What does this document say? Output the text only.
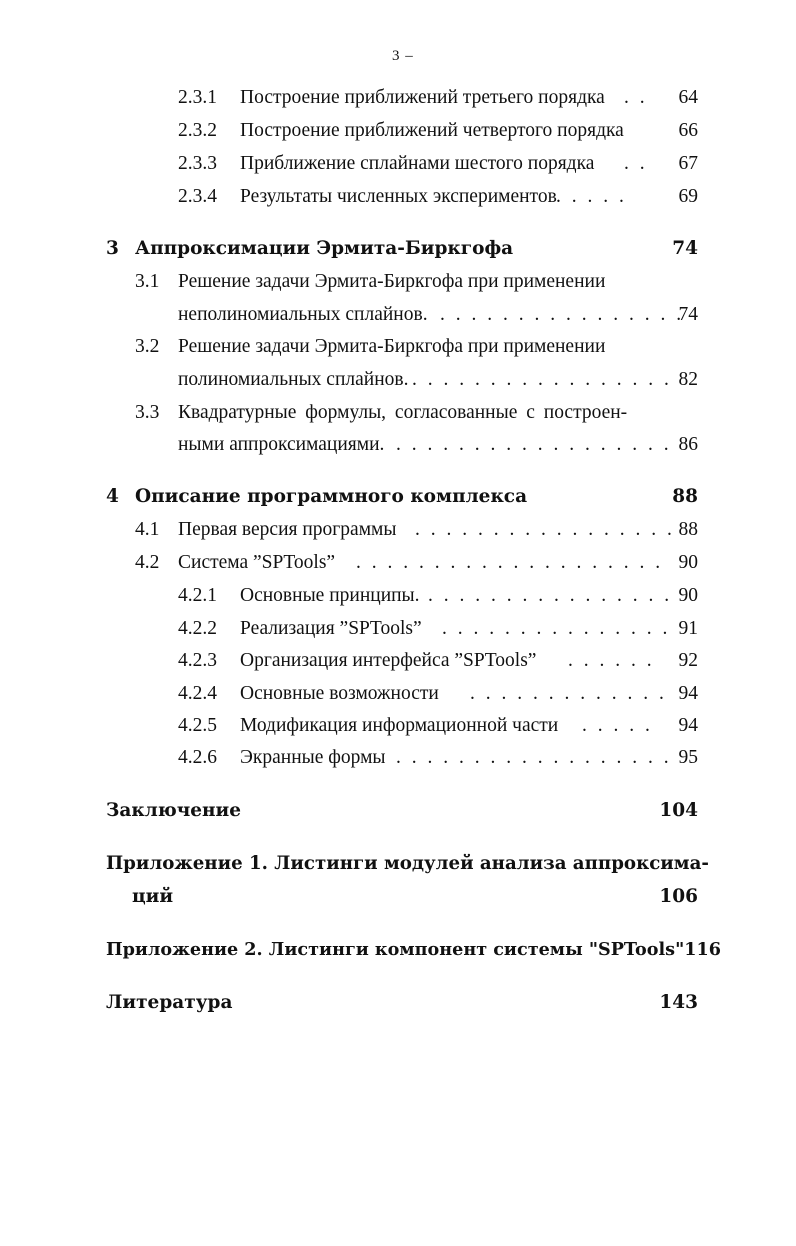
3 –
2.3.1 Построение приближений третьего порядка . .	64
2.3.2 Построение приближений четвертого порядка	66
2.3.3 Приближение сплайнами шестого порядка . .	67
2.3.4 Результаты численных экспериментов . . . . .	69
3 Аппроксимации Эрмита-Биркгофа	74
3.1 Решение задачи Эрмита-Биркгофа при применении
неполиномиальных сплайнов. . . . . . . . . . . . . . . . .
74
3.2 Решение задачи Эрмита-Биркгофа при применении
полиномиальных сплайнов. . . . . . . . . . . . . . . . . . 82
3.3 Квадратурные формулы, согласованные с построен-
ными аппроксимациями. . . . . . . . . . . . . . . . . . . 86
4 Описание программного комплекса	88
4.1 Первая версия программы . . . . . . . . . . . . . . . . . 88
4.2 Система ”SPTools” . . . . . . . . . . . . . . . . . . . . 90
4.2.1 Основные принципы. . . . . . . . . . . . . . . . . 90
4.2.2 Реализация ”SPTools” . . . . . . . . . . . . . . . 91
4.2.3 Организация интерфейса ”SPTools” . . . . . . 92
4.2.4 Основные возможности . . . . . . . . . . . . . 94
4.2.5 Модификация информационной части . . . . . 94
4.2.6 Экранные формы . . . . . . . . . . . . . . . . . . 95
Заключение	104
Приложение 1. Листинги модулей анализа аппроксима-
ций	106
Приложение 2. Листинги компонент системы "SPTools"116
Литература	143
